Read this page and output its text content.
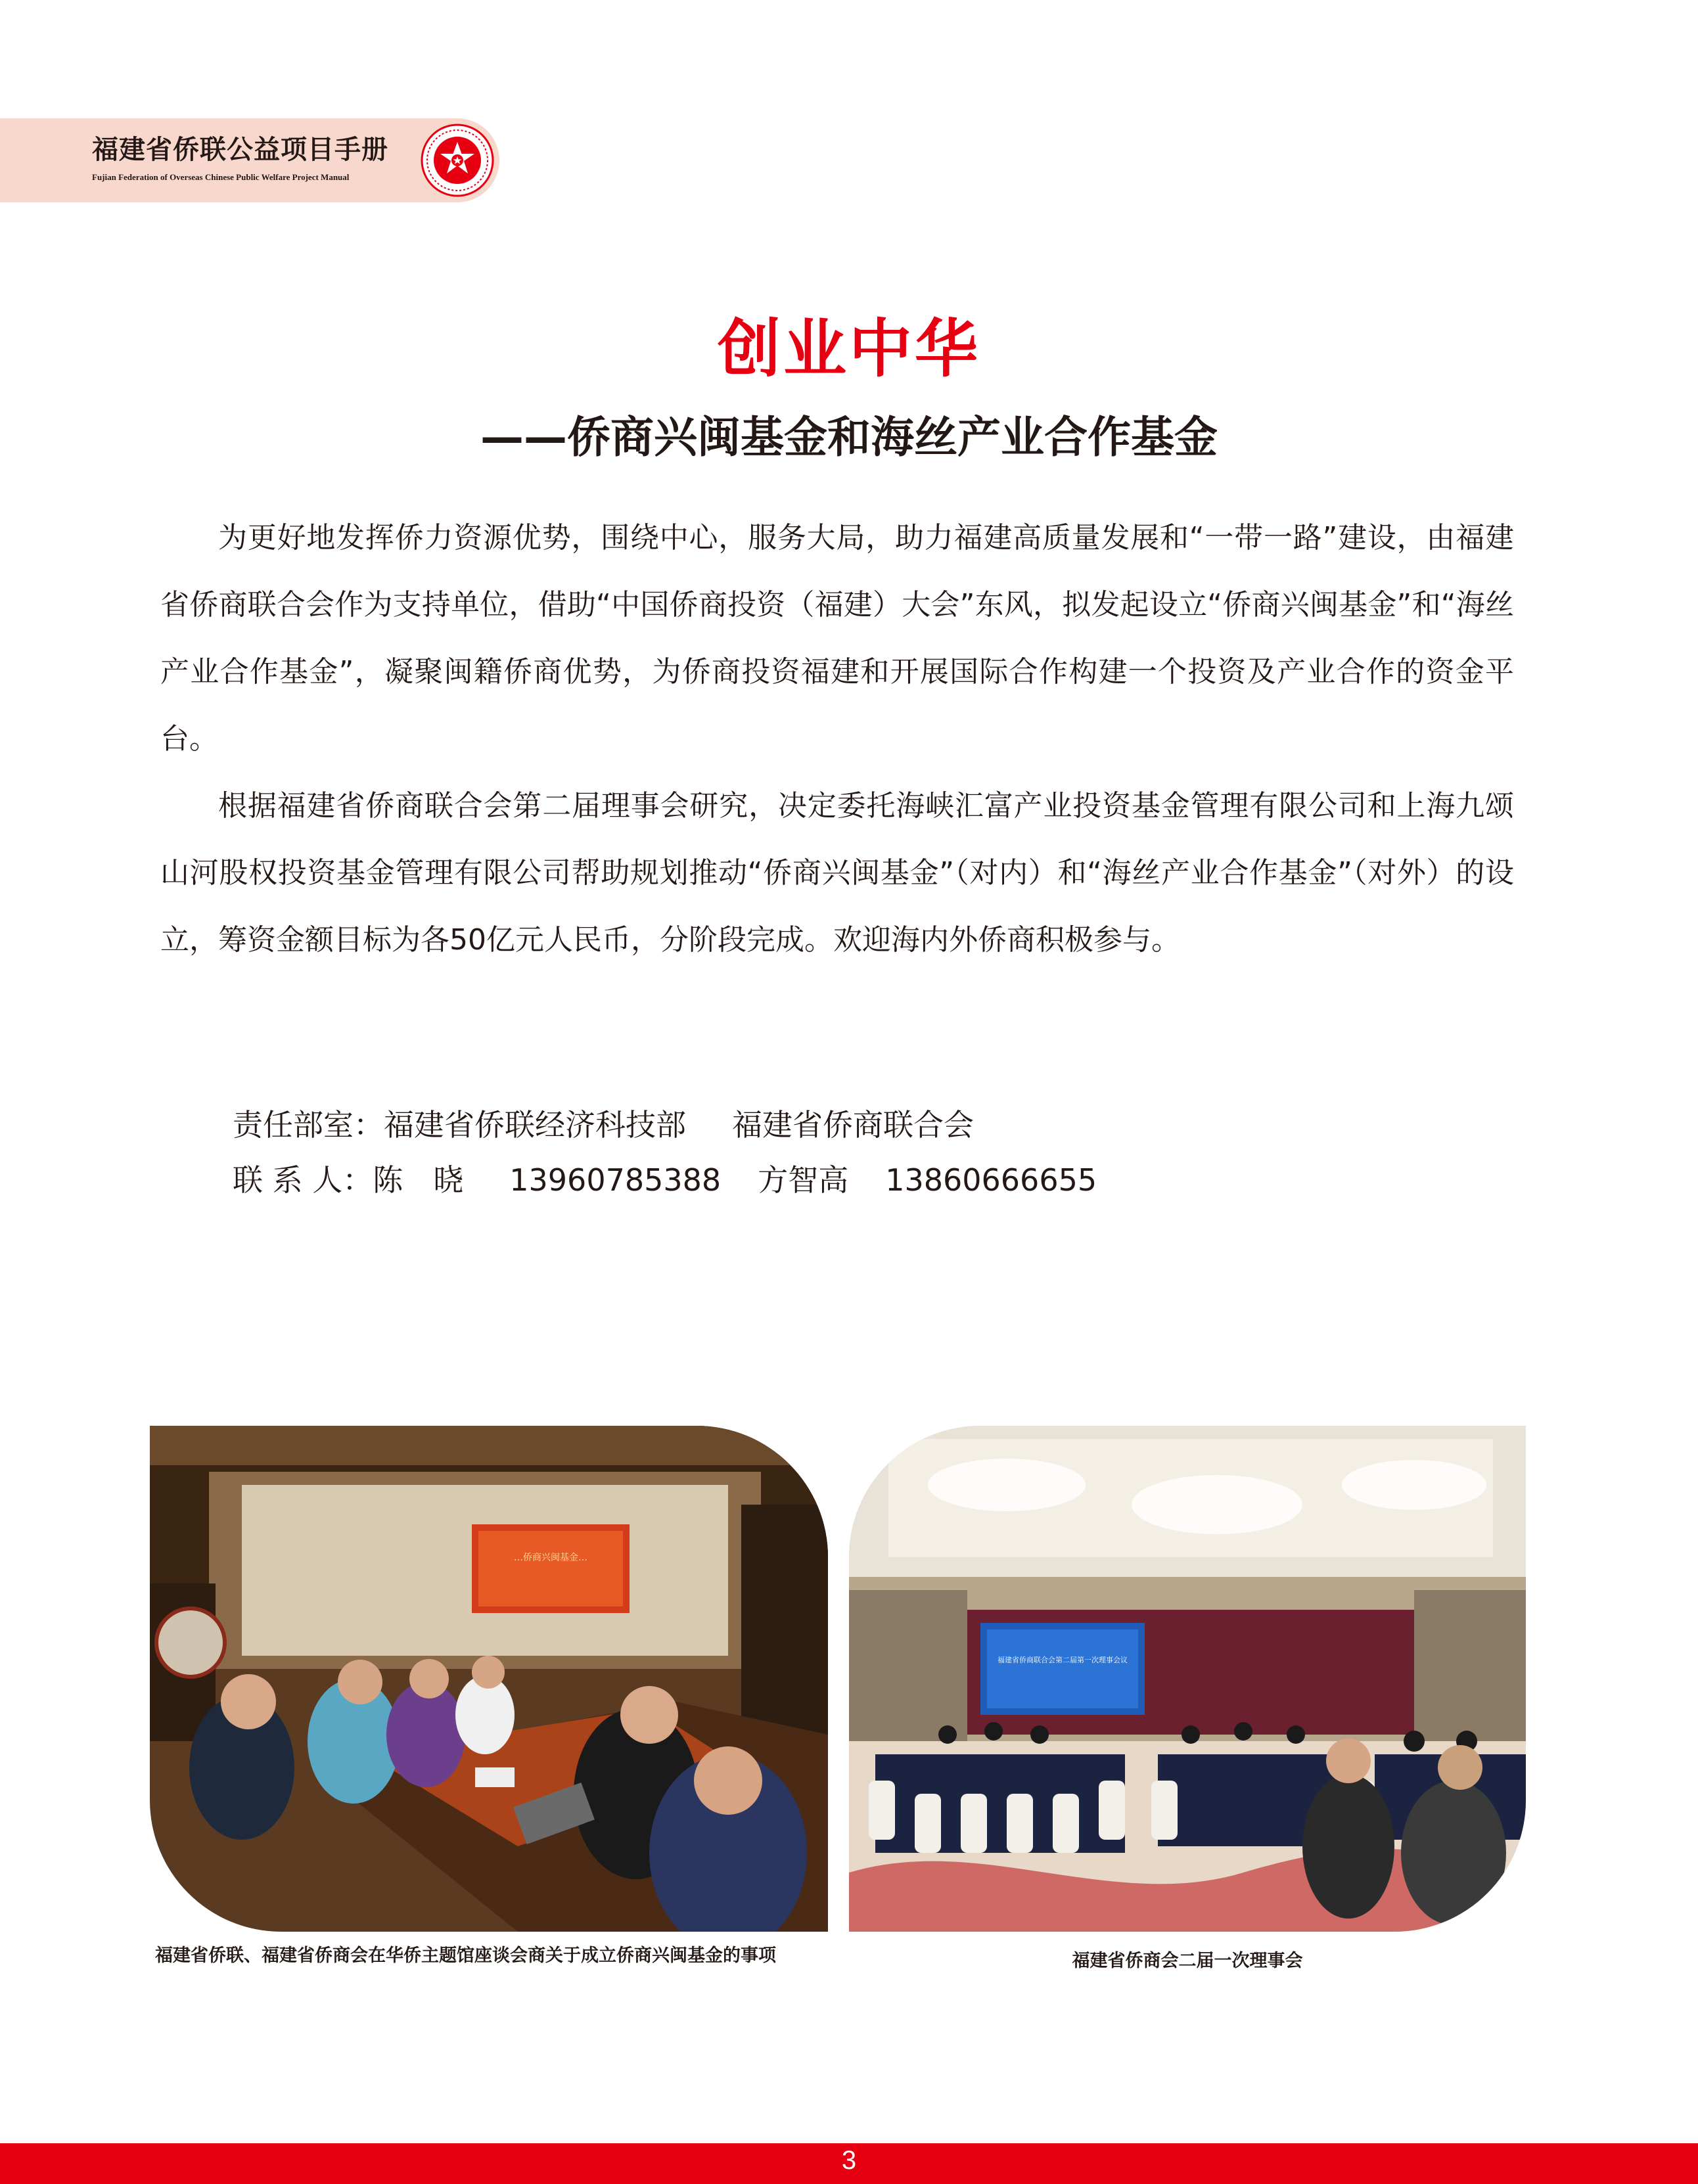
福建省侨联公益项目手册
Fujian Federation of Overseas Chinese Public Welfare Project Manual
创业中华
——侨商兴闽基金和海丝产业合作基金

为更好地发挥侨力资源优势，围绕中心，服务大局，助力福建高质量发展和“一带一路”建设，由福建省侨商联合会作为支持单位，借助“中国侨商投资（福建）大会”东风，拟发起设立“侨商兴闽基金”和“海丝产业合作基金”，凝聚闽籍侨商优势，为侨商投资福建和开展国际合作构建一个投资及产业合作的资金平台。

根据福建省侨商联合会第二届理事会研究，决定委托海峡汇富产业投资基金管理有限公司和上海九颂山河股权投资基金管理有限公司帮助规划推动“侨商兴闽基金”（对内）和“海丝产业合作基金”（对外）的设立，筹资金额目标为各50亿元人民币，分阶段完成。欢迎海内外侨商积极参与。

责任部室：福建省侨联经济科技部 福建省侨商联合会
联 系 人：陈　晓 13960785388 方智高 13860666655
…侨商兴闽基金…
福建省侨联、福建省侨商会在华侨主题馆座谈会商关于成立侨商兴闽基金的事项
福建省侨商联合会第二届第一次理事会议
福建省侨商会二届一次理事会
3
